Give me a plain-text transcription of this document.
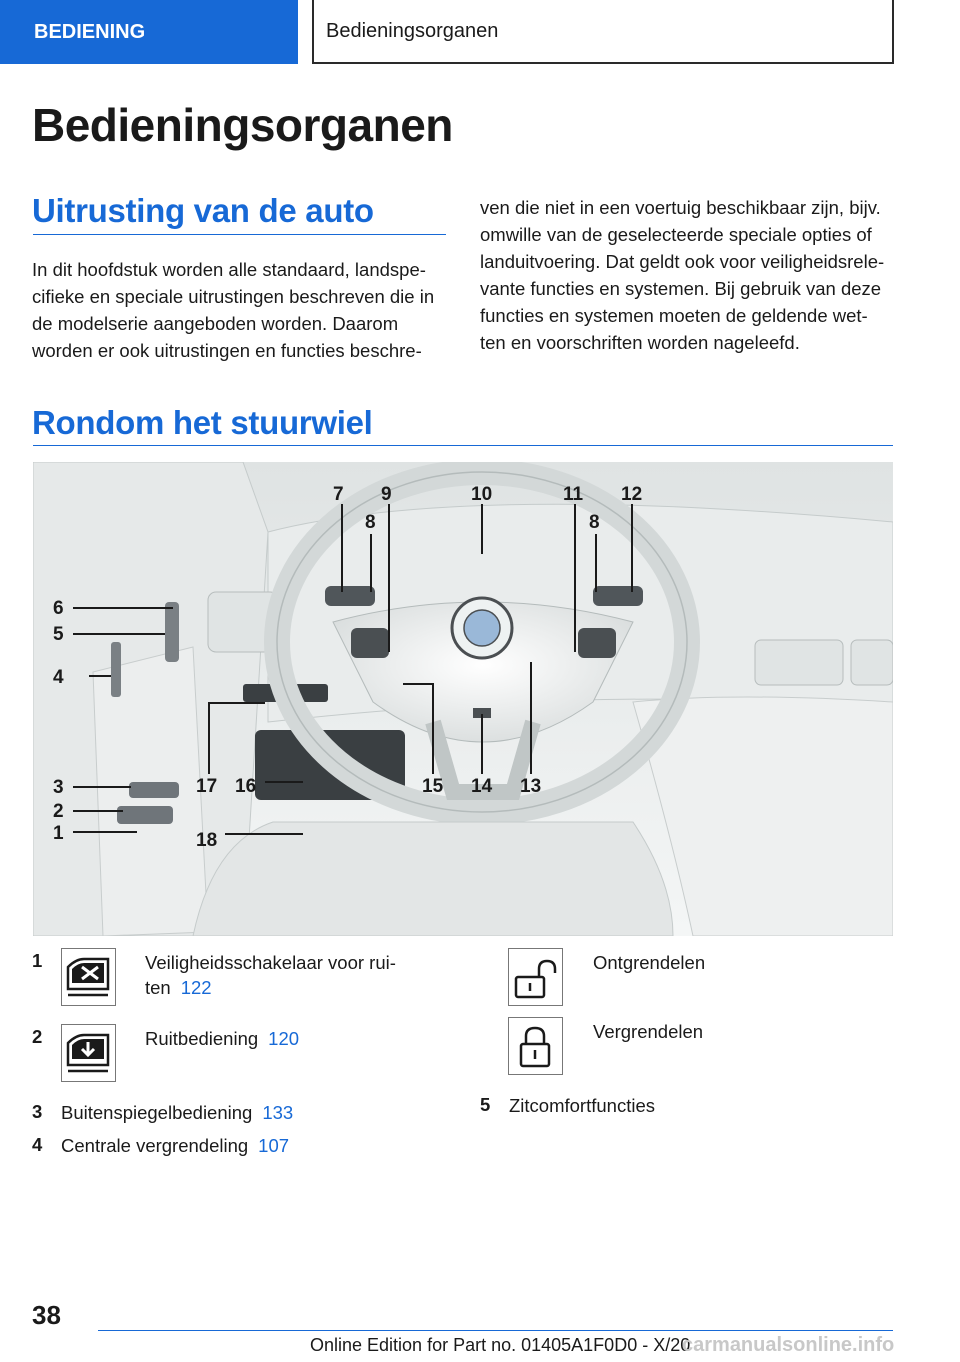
BEDIENING	Bedieningsorganen
Bedieningsorganen
Uitrusting van de auto
In dit hoofdstuk worden alle standaard, landspe-
cifieke en speciale uitrustingen beschreven die in
de modelserie aangeboden worden. Daarom
worden er ook uitrustingen en functies beschre-
ven die niet in een voertuig beschikbaar zijn, bijv.
omwille van de geselecteerde speciale opties of
landuitvoering. Dat geldt ook voor veiligheidsrele-
vante functies en systemen. Bij gebruik van deze
functies en systemen moeten de geldende wet-
ten en voorschriften worden nageleefd.
Rondom het stuurwiel
7 9	10	11 12
8	8
6
5
4
3
2
1
17 16	15 14 13
18
1	Veiligheidsschakelaar voor rui-
ten 122
2	Ruitbediening 120
3 Buitenspiegelbediening 133
4 Centrale vergrendeling 107
Ontgrendelen
Vergrendelen
5 Zitcomfortfuncties
38
Online Edition for Part no. 01405A1F0D0 - X/20
carmanualsonline.info
